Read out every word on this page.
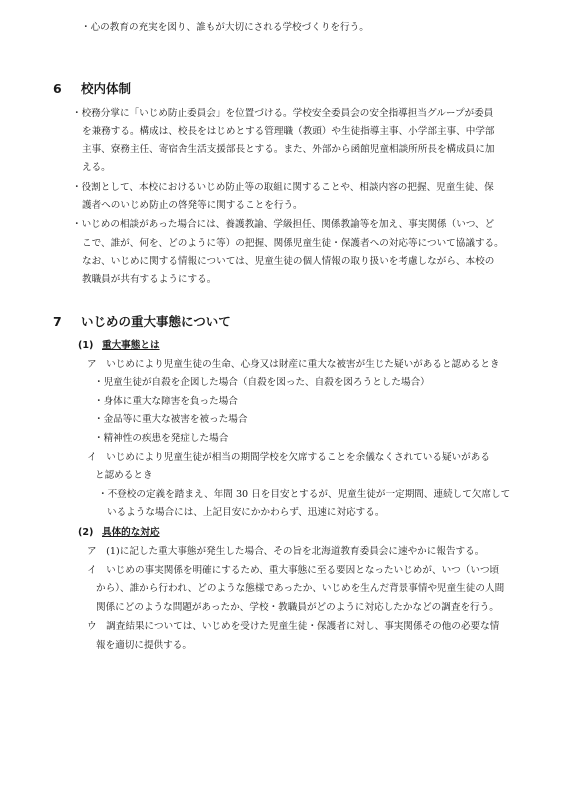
・心の教育の充実を図り、誰もが大切にされる学校づくりを行う。
6 校内体制
・校務分掌に「いじめ防止委員会」を位置づける。学校安全委員会の安全指導担当グループが委員
を兼務する。構成は、校長をはじめとする管理職（教頭）や生徒指導主事、小学部主事、中学部
主事、寮務主任、寄宿舎生活支援部長とする。また、外部から函館児童相談所所長を構成員に加
える。
・役割として、本校におけるいじめ防止等の取組に関することや、相談内容の把握、児童生徒、保
護者へのいじめ防止の啓発等に関することを行う。
・いじめの相談があった場合には、養護教諭、学級担任、関係教諭等を加え、事実関係（いつ、ど
こで、誰が、何を、どのように等）の把握、関係児童生徒・保護者への対応等について協議する。
なお、いじめに関する情報については、児童生徒の個人情報の取り扱いを考慮しながら、本校の
教職員が共有するようにする。
7 いじめの重大事態について
(1) 重大事態とは
ア　いじめにより児童生徒の生命、心身又は財産に重大な被害が生じた疑いがあると認めるとき
・児童生徒が自殺を企図した場合（自殺を図った、自殺を図ろうとした場合）
・身体に重大な障害を負った場合
・金品等に重大な被害を被った場合
・精神性の疾患を発症した場合
イ　いじめにより児童生徒が相当の期間学校を欠席することを余儀なくされている疑いがある
と認めるとき
・不登校の定義を踏まえ、年間 30 日を目安とするが、児童生徒が一定期間、連続して欠席して
いるような場合には、上記目安にかかわらず、迅速に対応する。
(2) 具体的な対応
ア　(1)に記した重大事態が発生した場合、その旨を北海道教育委員会に速やかに報告する。
イ　いじめの事実関係を明確にするため、重大事態に至る要因となったいじめが、いつ（いつ頃
から）、誰から行われ、どのような態様であったか、いじめを生んだ背景事情や児童生徒の人間
関係にどのような問題があったか、学校・教職員がどのように対応したかなどの調査を行う。
ウ　調査結果については、いじめを受けた児童生徒・保護者に対し、事実関係その他の必要な情
報を適切に提供する。
